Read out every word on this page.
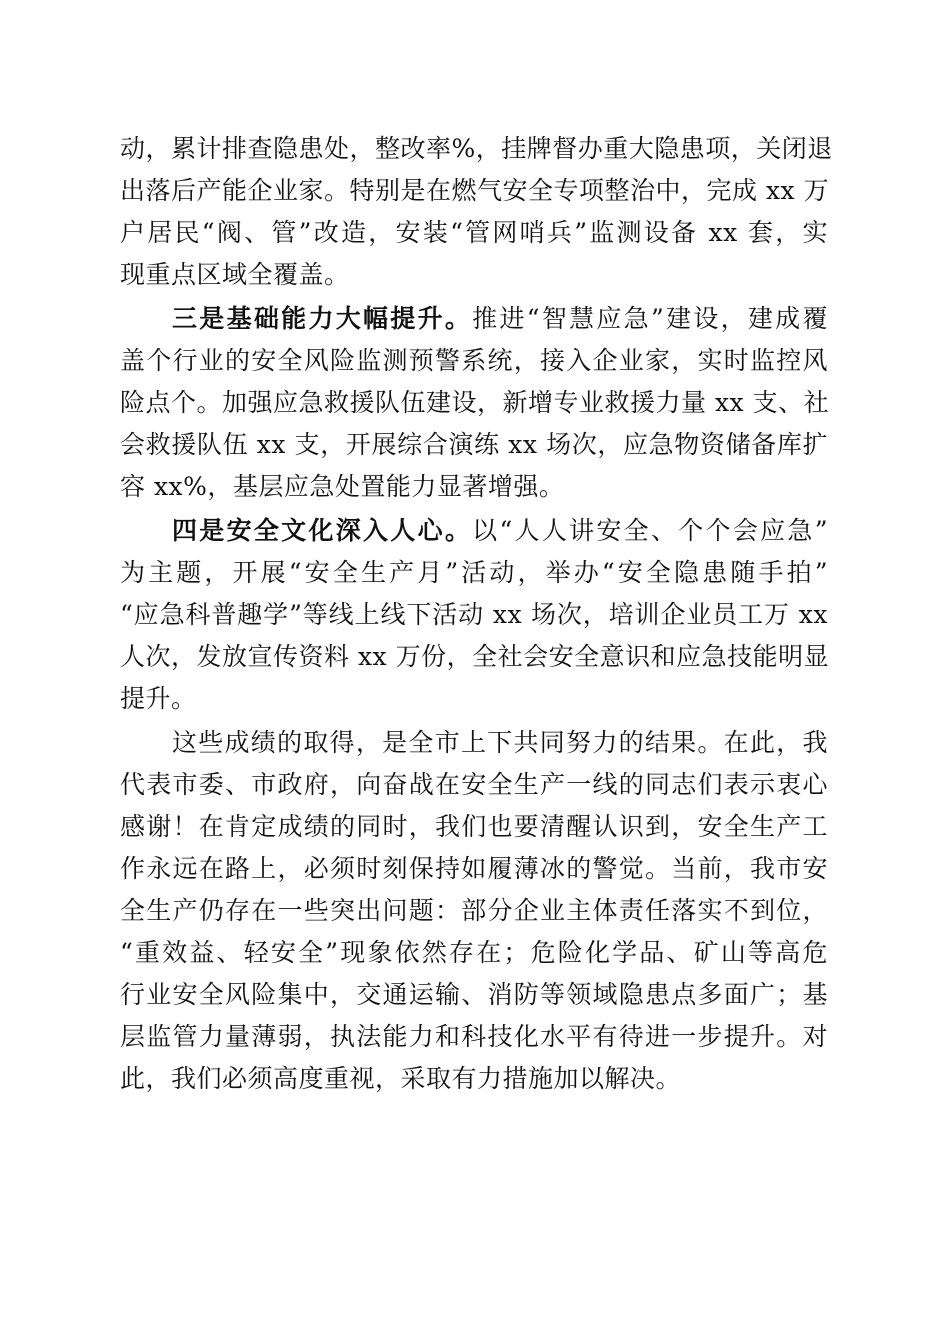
动，累计排查隐患处，整改率%，挂牌督办重大隐患项，关闭退
出落后产能企业家。特别是在燃气安全专项整治中，完成 xx 万
户居民“阀、管”改造，安装“管网哨兵”监测设备 xx 套，实
现重点区域全覆盖。
三是基础能力大幅提升。推进“智慧应急”建设，建成覆
盖个行业的安全风险监测预警系统，接入企业家，实时监控风
险点个。加强应急救援队伍建设，新增专业救援力量 xx 支、社
会救援队伍 xx 支，开展综合演练 xx 场次，应急物资储备库扩
容 xx%，基层应急处置能力显著增强。
四是安全文化深入人心。以“人人讲安全、个个会应急”
为主题，开展“安全生产月”活动，举办“安全隐患随手拍”
“应急科普趣学”等线上线下活动 xx 场次，培训企业员工万 xx
人次，发放宣传资料 xx 万份，全社会安全意识和应急技能明显
提升。
这些成绩的取得，是全市上下共同努力的结果。在此，我
代表市委、市政府，向奋战在安全生产一线的同志们表示衷心
感谢！在肯定成绩的同时，我们也要清醒认识到，安全生产工
作永远在路上，必须时刻保持如履薄冰的警觉。当前，我市安
全生产仍存在一些突出问题：部分企业主体责任落实不到位，
“重效益、轻安全”现象依然存在；危险化学品、矿山等高危
行业安全风险集中，交通运输、消防等领域隐患点多面广；基
层监管力量薄弱，执法能力和科技化水平有待进一步提升。对
此，我们必须高度重视，采取有力措施加以解决。
